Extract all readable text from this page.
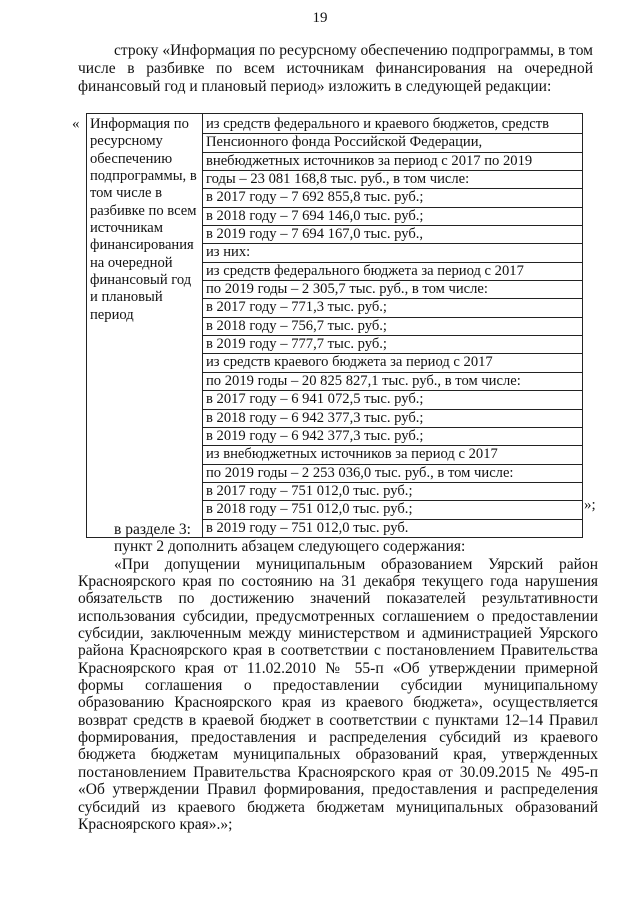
19

строку «Информация по ресурсному обеспечению подпрограммы, в том числе в разбивке по всем источникам финансирования на очередной финансовый год и плановый период» изложить в следующей редакции:

« Информация по ресурсному обеспечению подпрограммы, в том числе в разбивке по всем источникам финансирования на очередной финансовый год и плановый период	
из средств федерального и краевого бюджетов, средств
Пенсионного фонда Российской Федерации,
внебюджетных источников за период с 2017 по 2019
годы – 23 081 168,8 тыс. руб., в том числе:
в 2017 году – 7 692 855,8 тыс. руб.;
в 2018 году – 7 694 146,0 тыс. руб.;
в 2019 году – 7 694 167,0 тыс. руб.,
из них:
из средств федерального бюджета за период с 2017
по 2019 годы – 2 305,7 тыс. руб., в том числе:
в 2017 году – 771,3 тыс. руб.;
в 2018 году – 756,7 тыс. руб.;
в 2019 году – 777,7 тыс. руб.;
из средств краевого бюджета за период с 2017
по 2019 годы – 20 825 827,1 тыс. руб., в том числе:
в 2017 году – 6 941 072,5 тыс. руб.;
в 2018 году – 6 942 377,3 тыс. руб.;
в 2019 году – 6 942 377,3 тыс. руб.;
из внебюджетных источников за период с 2017
по 2019 годы – 2 253 036,0 тыс. руб., в том числе:
в 2017 году – 751 012,0 тыс. руб.;
в 2018 году – 751 012,0 тыс. руб.;
в 2019 году – 751 012,0 тыс. руб.
»;

в разделе 3:

пункт 2 дополнить абзацем следующего содержания:

«При допущении муниципальным образованием Уярский район Красноярского края по состоянию на 31 декабря текущего года нарушения обязательств по достижению значений показателей результативности использования субсидии, предусмотренных соглашением о предоставлении субсидии, заключенным между министерством и администрацией Уярского района Красноярского края в соответствии с постановлением Правительства Красноярского края от 11.02.2010 № 55-п «Об утверждении примерной формы соглашения о предоставлении субсидии муниципальному образованию Красноярского края из краевого бюджета», осуществляется возврат средств в краевой бюджет в соответствии с пунктами 12–14 Правил формирования, предоставления и распределения субсидий из краевого бюджета бюджетам муниципальных образований края, утвержденных постановлением Правительства Красноярского края от 30.09.2015 № 495-п «Об утверждении Правил формирования, предоставления и распределения субсидий из краевого бюджета бюджетам муниципальных образований Красноярского края».»;
